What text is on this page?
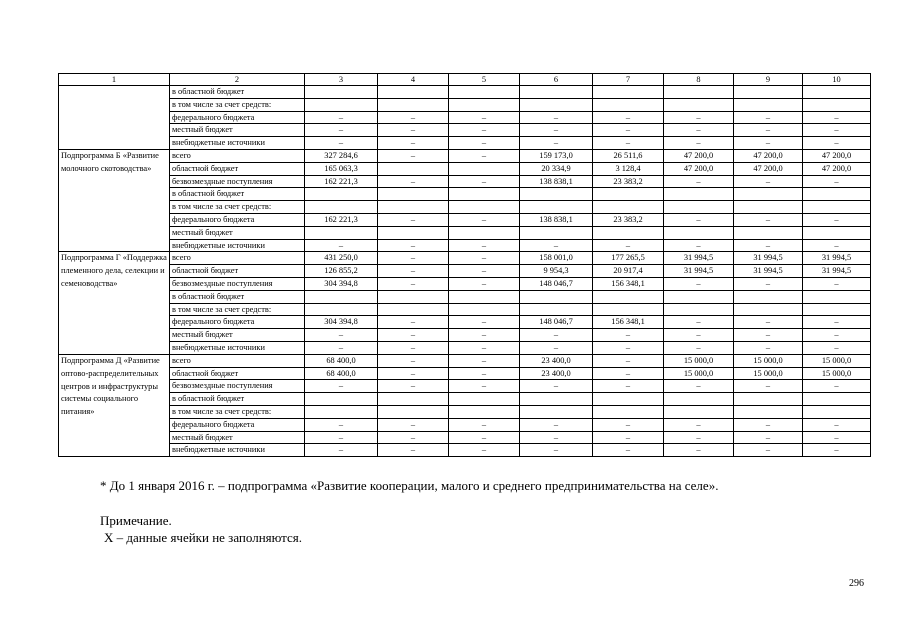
1	2	3	4	5	6	7	8	9	10
	в областной бюджет								
	в том числе за счет средств:								
	федерального бюджета	–	–	–	–	–	–	–	–
	местный бюджет	–	–	–	–	–	–	–	–
	внебюджетные источники	–	–	–	–	–	–	–	–
Подпрограмма Б «Развитие молочного скотоводства»	всего	327 284,6	–	–	159 173,0	26 511,6	47 200,0	47 200,0	47 200,0
	областной бюджет	165 063,3			20 334,9	3 128,4	47 200,0	47 200,0	47 200,0
	безвозмездные поступления	162 221,3	–	–	138 838,1	23 383,2	–	–	–
	в областной бюджет								
	в том числе за счет средств:								
	федерального бюджета	162 221,3	–	–	138 838,1	23 383,2	–	–	–
	местный бюджет								
	внебюджетные источники	–	–	–	–	–	–	–	–
Подпрограмма Г «Поддержка племенного дела, селекции и семеноводства»	всего	431 250,0	–	–	158 001,0	177 265,5	31 994,5	31 994,5	31 994,5
	областной бюджет	126 855,2	–	–	9 954,3	20 917,4	31 994,5	31 994,5	31 994,5
	безвозмездные поступления	304 394,8	–	–	148 046,7	156 348,1	–	–	–
	в областной бюджет								
	в том числе за счет средств:								
	федерального бюджета	304 394,8	–	–	148 046,7	156 348,1	–	–	–
	местный бюджет	–	–	–	–	–	–	–	–
	внебюджетные источники	–	–	–	–	–	–	–	–
Подпрограмма Д «Развитие оптово-распределительных центров и инфраструктуры системы социального питания»	всего	68 400,0	–	–	23 400,0	–	15 000,0	15 000,0	15 000,0
	областной бюджет	68 400,0	–	–	23 400,0	–	15 000,0	15 000,0	15 000,0
	безвозмездные поступления	–	–	–	–	–	–	–	–
	в областной бюджет								
	в том числе за счет средств:								
	федерального бюджета	–	–	–	–	–	–	–	–
	местный бюджет	–	–	–	–	–	–	–	–
	внебюджетные источники	–	–	–	–	–	–	–	–
* До 1 января 2016 г. – подпрограмма «Развитие кооперации, малого и среднего предпринимательства на селе».
Примечание.
Х – данные ячейки не заполняются.
296
